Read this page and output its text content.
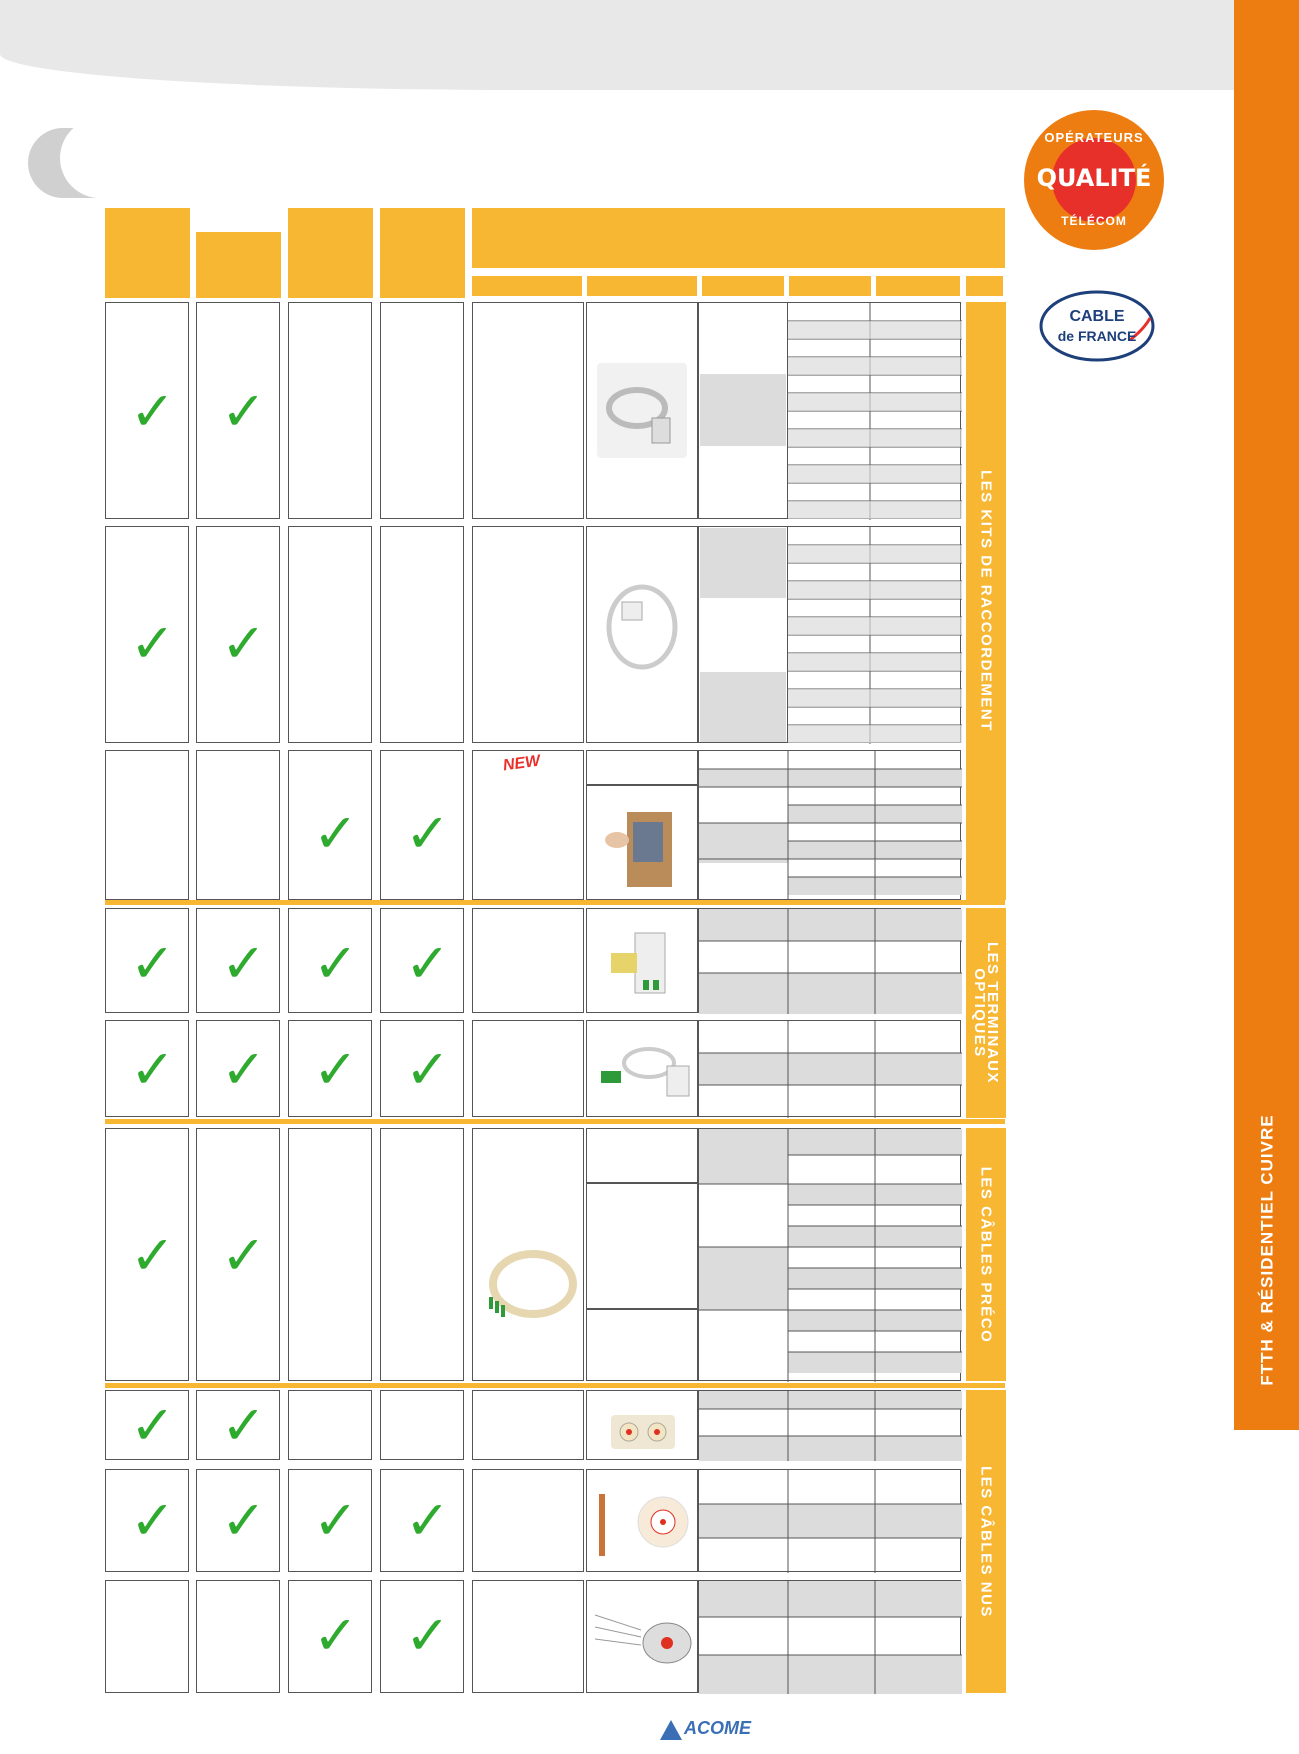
✓ ✓
✓ ✓
✓ ✓
NEW
✓ ✓ ✓ ✓
✓ ✓ ✓ ✓
✓ ✓
✓ ✓
✓ ✓ ✓ ✓
✓ ✓
LES KITS DE RACCORDEMENT
LES TERMINAUX OPTIQUES
LES CÂBLES PRÉCO
LES CÂBLES NUS
OPÉRATEURS
QUALITÉ
TÉLÉCOM
CABLE
de FRANCE
FTTH & RÉSIDENTIEL CUIVRE
ACOME
